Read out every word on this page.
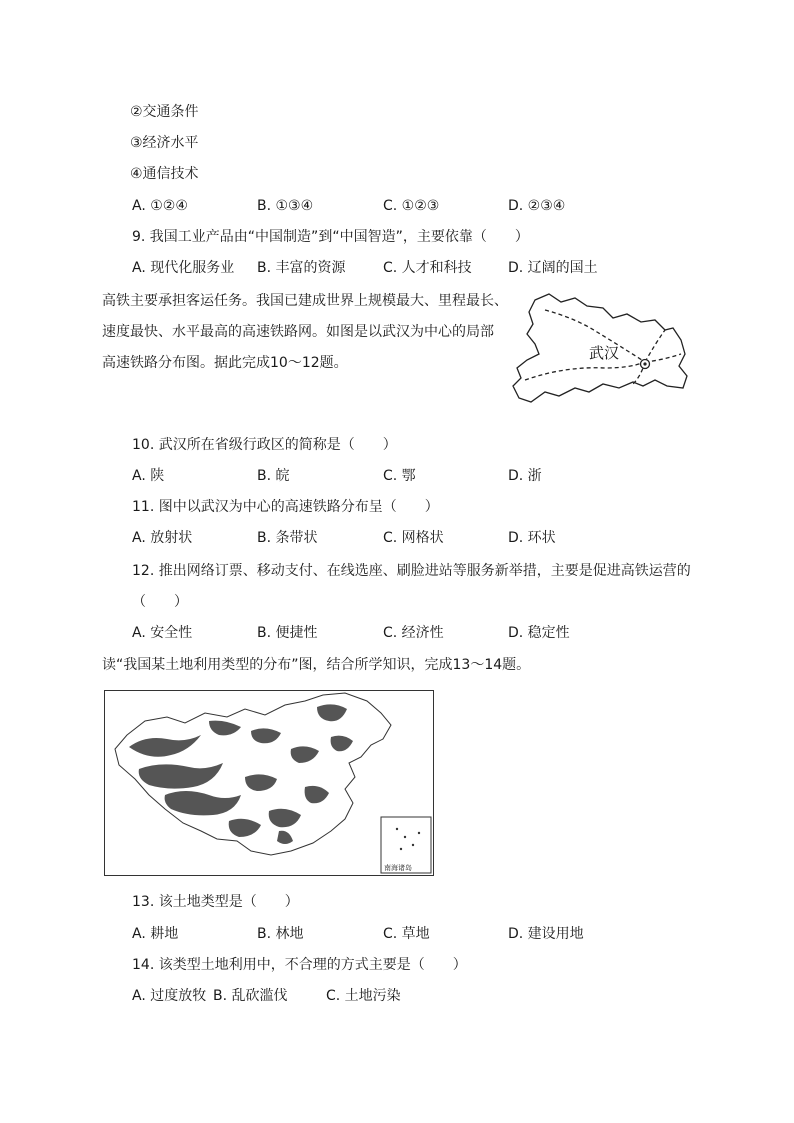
②交通条件
③经济水平
④通信技术
A. ①②④	B. ①③④	C. ①②③	D. ②③④
9. 我国工业产品由“中国制造”到“中国智造”，主要依靠（　　）
A. 现代化服务业 B. 丰富的资源	C. 人才和科技	D. 辽阔的国土
高铁主要承担客运任务。我国已建成世界上规模最大、里程最长、
速度最快、水平最高的高速铁路网。如图是以武汉为中心的局部
高速铁路分布图。据此完成10～12题。
武汉
10. 武汉所在省级行政区的简称是（　　）
A. 陕	B. 皖	C. 鄂	D. 浙
11. 图中以武汉为中心的高速铁路分布呈（　　）
A. 放射状	B. 条带状	C. 网格状	D. 环状
12. 推出网络订票、移动支付、在线选座、刷脸进站等服务新举措，主要是促进高铁运营的
（　　）
A. 安全性	B. 便捷性	C. 经济性	D. 稳定性
读“我国某土地利用类型的分布”图，结合所学知识，完成13～14题。
南海诸岛
13. 该土地类型是（　　）
A. 耕地	B. 林地	C. 草地	D. 建设用地
14. 该类型土地利用中，不合理的方式主要是（　　）
A. 过度放牧 B. 乱砍滥伐	C. 土地污染
